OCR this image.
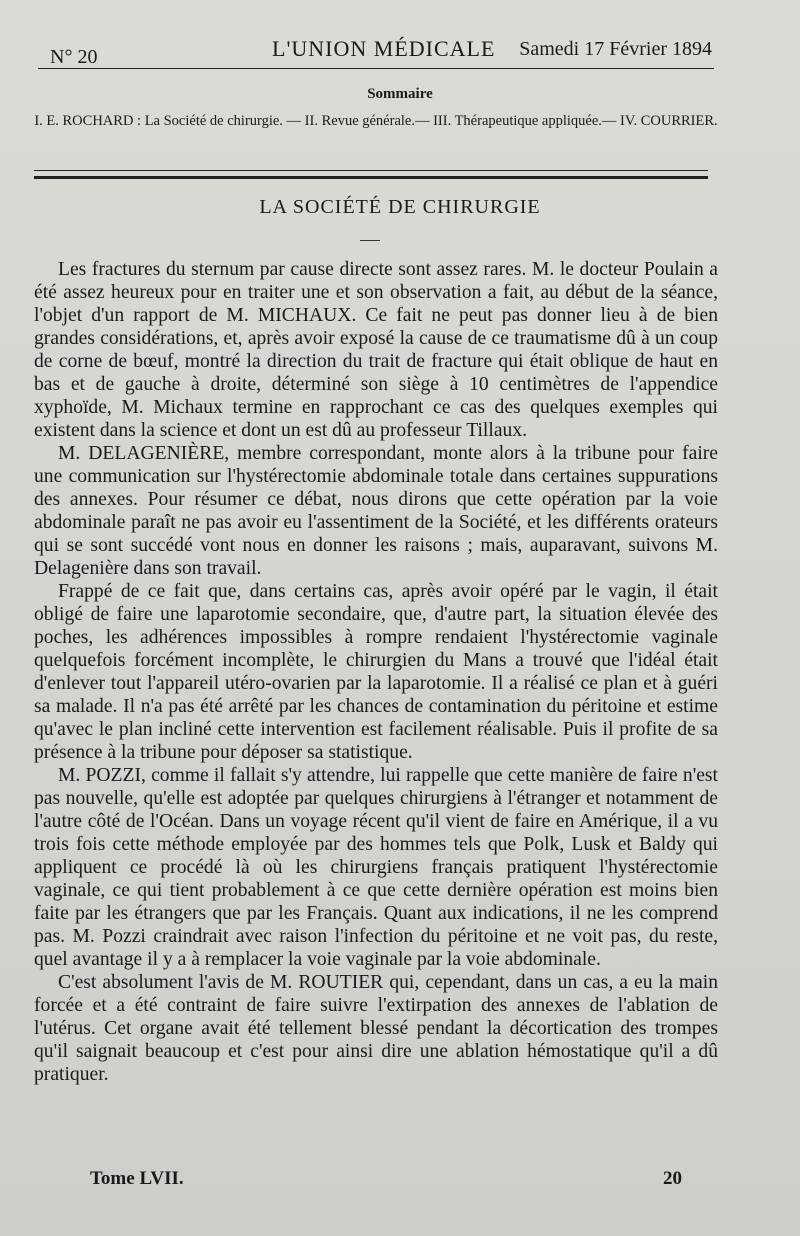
N° 20	L'UNION MÉDICALE Samedi 17 Février 1894
Sommaire
I. E. ROCHARD : La Société de chirurgie. — II. Revue générale.— III. Thérapeutique appliquée.— IV. COURRIER.
LA SOCIÉTÉ DE CHIRURGIE

Les fractures du sternum par cause directe sont assez rares. M. le docteur Poulain a été assez heureux pour en traiter une et son observation a fait, au début de la séance, l'objet d'un rapport de M. MICHAUX. Ce fait ne peut pas donner lieu à de bien grandes considérations, et, après avoir exposé la cause de ce traumatisme dû à un coup de corne de bœuf, montré la direction du trait de fracture qui était oblique de haut en bas et de gauche à droite, déterminé son siège à 10 centimètres de l'appendice xyphoïde, M. Michaux termine en rapprochant ce cas des quelques exemples qui existent dans la science et dont un est dû au professeur Tillaux.

M. DELAGENIÈRE, membre correspondant, monte alors à la tribune pour faire une communication sur l'hystérectomie abdominale totale dans certaines suppurations des annexes. Pour résumer ce débat, nous dirons que cette opération par la voie abdominale paraît ne pas avoir eu l'assentiment de la Société, et les différents orateurs qui se sont succédé vont nous en donner les raisons ; mais, auparavant, suivons M. Delagenière dans son travail.

Frappé de ce fait que, dans certains cas, après avoir opéré par le vagin, il était obligé de faire une laparotomie secondaire, que, d'autre part, la situation élevée des poches, les adhérences impossibles à rompre rendaient l'hystérectomie vaginale quelquefois forcément incomplète, le chirurgien du Mans a trouvé que l'idéal était d'enlever tout l'appareil utéro-ovarien par la laparotomie. Il a réalisé ce plan et à guéri sa malade. Il n'a pas été arrêté par les chances de contamination du péritoine et estime qu'avec le plan incliné cette intervention est facilement réalisable. Puis il profite de sa présence à la tribune pour déposer sa statistique.

M. POZZI, comme il fallait s'y attendre, lui rappelle que cette manière de faire n'est pas nouvelle, qu'elle est adoptée par quelques chirurgiens à l'étranger et notamment de l'autre côté de l'Océan. Dans un voyage récent qu'il vient de faire en Amérique, il a vu trois fois cette méthode employée par des hommes tels que Polk, Lusk et Baldy qui appliquent ce procédé là où les chirurgiens français pratiquent l'hystérectomie vaginale, ce qui tient probablement à ce que cette dernière opération est moins bien faite par les étrangers que par les Français. Quant aux indications, il ne les comprend pas. M. Pozzi craindrait avec raison l'infection du péritoine et ne voit pas, du reste, quel avantage il y a à remplacer la voie vaginale par la voie abdominale.

C'est absolument l'avis de M. ROUTIER qui, cependant, dans un cas, a eu la main forcée et a été contraint de faire suivre l'extirpation des annexes de l'ablation de l'utérus. Cet organe avait été tellement blessé pendant la décortication des trompes qu'il saignait beaucoup et c'est pour ainsi dire une ablation hémostatique qu'il a dû pratiquer.

Tome LVII.	20
